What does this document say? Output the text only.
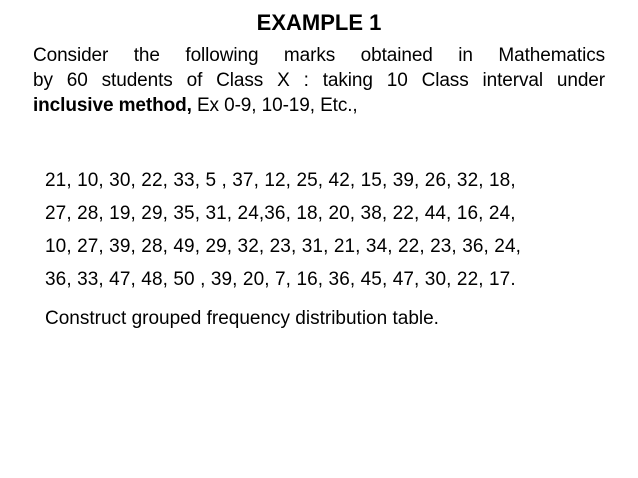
EXAMPLE 1
Consider the following marks obtained in Mathematics
by 60 students of Class X : taking 10 Class interval under
inclusive method, Ex 0-9, 10-19, Etc.,
21, 10, 30, 22, 33, 5 , 37, 12, 25, 42, 15, 39, 26, 32, 18,
27, 28, 19, 29, 35, 31, 24,36, 18, 20, 38, 22, 44, 16, 24,
10, 27, 39, 28, 49, 29, 32, 23, 31, 21, 34, 22, 23, 36, 24,
36, 33, 47, 48, 50 , 39, 20, 7, 16, 36, 45, 47, 30, 22, 17.
Construct grouped frequency distribution table.
